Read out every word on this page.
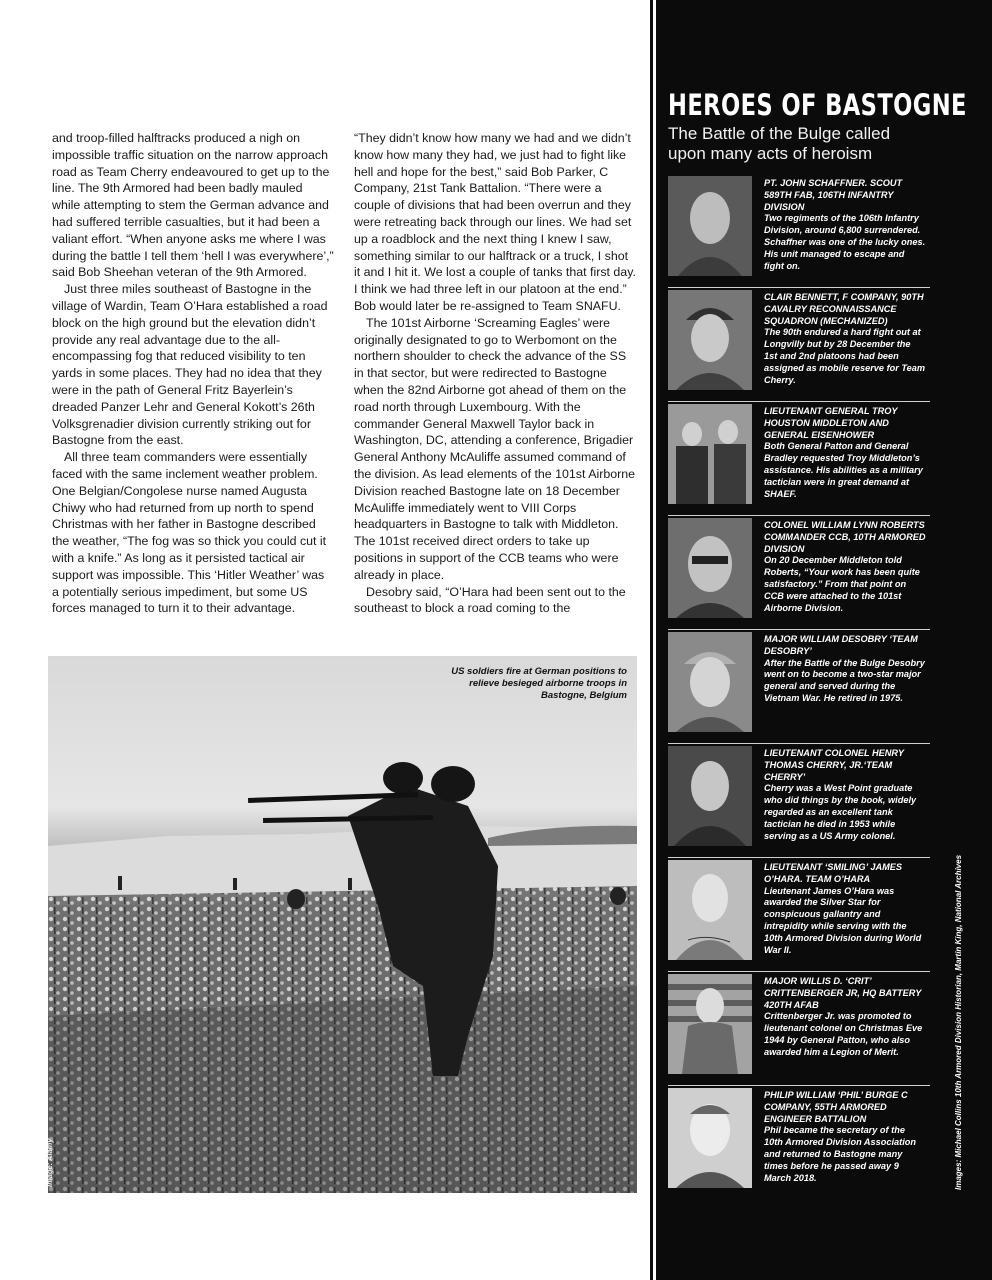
and troop-filled halftracks produced a nigh on impossible traffic situation on the narrow approach road as Team Cherry endeavoured to get up to the line. The 9th Armored had been badly mauled while attempting to stem the German advance and had suffered terrible casualties, but it had been a valiant effort. “When anyone asks me where I was during the battle I tell them ‘hell I was everywhere’,” said Bob Sheehan veteran of the 9th Armored.

Just three miles southeast of Bastogne in the village of Wardin, Team O’Hara established a road block on the high ground but the elevation didn’t provide any real advantage due to the all-encompassing fog that reduced visibility to ten yards in some places. They had no idea that they were in the path of General Fritz Bayerlein’s dreaded Panzer Lehr and General Kokott’s 26th Volksgrenadier division currently striking out for Bastogne from the east.

All three team commanders were essentially faced with the same inclement weather problem. One Belgian/Congolese nurse named Augusta Chiwy who had returned from up north to spend Christmas with her father in Bastogne described the weather, “The fog was so thick you could cut it with a knife.” As long as it persisted tactical air support was impossible. This ‘Hitler Weather’ was a potentially serious impediment, but some US forces managed to turn it to their advantage.

“They didn’t know how many we had and we didn’t know how many they had, we just had to fight like hell and hope for the best,” said Bob Parker, C Company, 21st Tank Battalion. “There were a couple of divisions that had been overrun and they were retreating back through our lines. We had set up a roadblock and the next thing I knew I saw, something similar to our halftrack or a truck, I shot it and I hit it. We lost a couple of tanks that first day. I think we had three left in our platoon at the end.” Bob would later be re-assigned to Team SNAFU.

The 101st Airborne ‘Screaming Eagles’ were originally designated to go to Werbomont on the northern shoulder to check the advance of the SS in that sector, but were redirected to Bastogne when the 82nd Airborne got ahead of them on the road north through Luxembourg. With the commander General Maxwell Taylor back in Washington, DC, attending a conference, Brigadier General Anthony McAuliffe assumed command of the division. As lead elements of the 101st Airborne Division reached Bastogne late on 18 December McAuliffe immediately went to VIII Corps headquarters in Bastogne to talk with Middleton. The 101st received direct orders to take up positions in support of the CCB teams who were already in place.

Desobry said, “O’Hara had been sent out to the southeast to block a road coming to the

US soldiers fire at German positions to relieve besieged airborne troops in Bastogne, Belgium
Image: Alamy
HEROES OF BASTOGNE
The Battle of the Bulge called upon many acts of heroism
PT. JOHN SCHAFFNER. SCOUT 589TH FAB, 106TH INFANTRY DIVISION
Two regiments of the 106th Infantry Division, around 6,800 surrendered. Schaffner was one of the lucky ones. His unit managed to escape and fight on.
CLAIR BENNETT, F COMPANY, 90TH CAVALRY RECONNAISSANCE SQUADRON (MECHANIZED)
The 90th endured a hard fight out at Longvilly but by 28 December the 1st and 2nd platoons had been assigned as mobile reserve for Team Cherry.
LIEUTENANT GENERAL TROY HOUSTON MIDDLETON AND GENERAL EISENHOWER
Both General Patton and General Bradley requested Troy Middleton’s assistance. His abilities as a military tactician were in great demand at SHAEF.
COLONEL WILLIAM LYNN ROBERTS COMMANDER CCB, 10TH ARMORED DIVISION
On 20 December Middleton told Roberts, “Your work has been quite satisfactory.” From that point on CCB were attached to the 101st Airborne Division.
MAJOR WILLIAM DESOBRY ‘TEAM DESOBRY’
After the Battle of the Bulge Desobry went on to become a two-star major general and served during the Vietnam War. He retired in 1975.
LIEUTENANT COLONEL HENRY THOMAS CHERRY, JR.‘TEAM CHERRY’
Cherry was a West Point graduate who did things by the book, widely regarded as an excellent tank tactician he died in 1953 while serving as a US Army colonel.
LIEUTENANT ‘SMILING’ JAMES O’HARA. TEAM O’HARA
Lieutenant James O’Hara was awarded the Silver Star for conspicuous gallantry and intrepidity while serving with the 10th Armored Division during World War II.
MAJOR WILLIS D. ‘CRIT’ CRITTENBERGER JR, HQ BATTERY 420TH AFAB
Crittenberger Jr. was promoted to lieutenant colonel on Christmas Eve 1944 by General Patton, who also awarded him a Legion of Merit.
PHILIP WILLIAM ‘PHIL’ BURGE C COMPANY, 55TH ARMORED ENGINEER BATTALION
Phil became the secretary of the 10th Armored Division Association and returned to Bastogne many times before he passed away 9 March 2018.	Images: Michael Collins 10th Armored Division Historian, Martin King, National Archives
